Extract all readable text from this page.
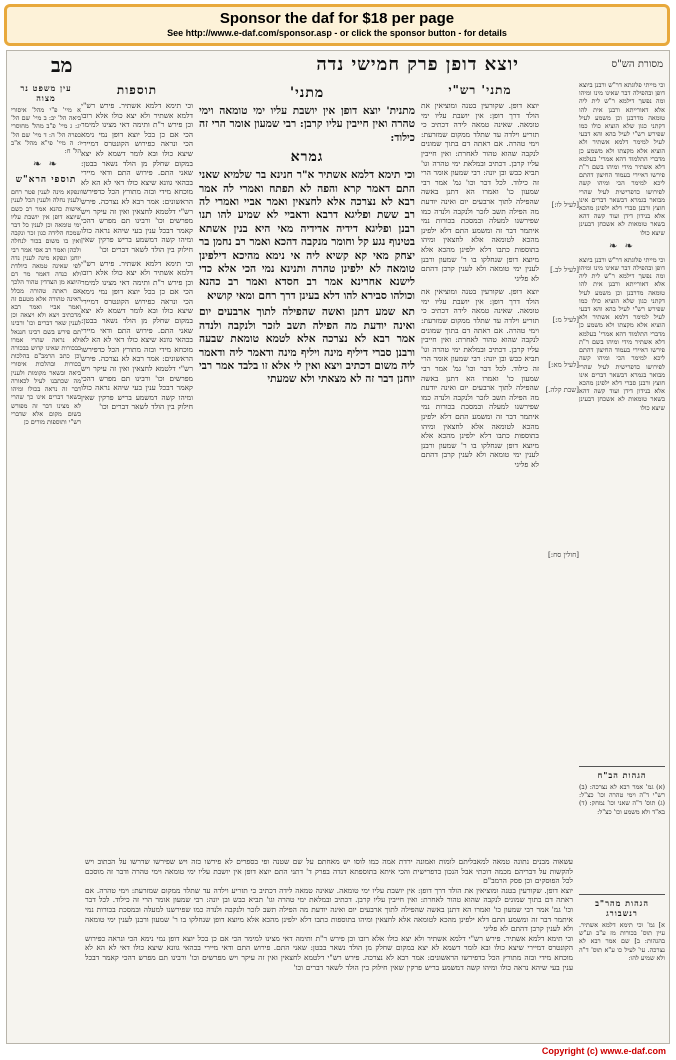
Sponsor the daf for $18 per page
See http://www.e-daf.com/sponsor.asp - or click the sponsor button - for details
מסורת הש"ס
יוצא דופן פרק חמישי נדה
מב
וכי מייתי פלוגתא דר"ש ורבנן ביוצא דופן ובהפילה דבר שאינו מינו ומיהו ומה נפשך דילמא ר"ש לית ליה אלא דאורייתא ורבנן אית להו טומאה מדרבנן וכן משמע לעיל דקתני כגון שלא הוציא כולו כמו שפירש רש"י לעיל בהא והא דבעי לעיל למימר דלמא אשתיר ולא הוציא אלא מקצתו ולא משמע כן מדברי התלמוד דהא אמרי' בעלמא דלא אשתיר מידי ומיהו בשם ר"ת פירשו דאיירי בעמוד החיצון דהתם ליכא למימר הכי ומיהו קשה לפירושו כדפרישית לעיל שהרי מבואר בגמרא דבשאר דברים אינו חוצץ ורבנן סברי דלא ילפינן מהכא אלא בנידון דידן ועוד קשה דהא בשאר טומאות לא אשכחן דבעינן שיצא כולו
❧ ❧
וכי מייתי פלוגתא דר"ש ורבנן ביוצא דופן ובהפילה דבר שאינו מינו ומיהו ומה נפשך דילמא ר"ש לית ליה אלא דאורייתא ורבנן אית להו טומאה מדרבנן וכן משמע לעיל דקתני כגון שלא הוציא כולו כמו שפירש רש"י לעיל בהא והא דבעי לעיל למימר דלמא אשתיר ולא הוציא אלא מקצתו ולא משמע כן מדברי התלמוד דהא אמרי' בעלמא דלא אשתיר מידי ומיהו בשם ר"ת פירשו דאיירי בעמוד החיצון דהתם ליכא למימר הכי ומיהו קשה לפירושו כדפרישית לעיל שהרי מבואר בגמרא דבשאר דברים אינו חוצץ ורבנן סברי דלא ילפינן מהכא אלא בנידון דידן ועוד קשה דהא בשאר טומאות לא אשכחן דבעינן שיצא כולו
[לעיל לו:]
[לעיל לב.]
[לעיל מ:]
[לעיל מא:]
[שבת קלה.]
[חולין סח:]
מתני' רש"י
יוצא דופן. שקורעין בטנה ומוציאין את הולד דרך דופן: אין יושבת עליו ימי טומאה. שאינה טמאה לידה דכתיב כי תזריע וילדה עד שתלד ממקום שמזרעת: וימי טהרה. אם ראתה דם בתוך שמונים לנקבה שהוא טהור לאחרת: ואין חייבין עליו קרבן. דכתיב ובמלאת ימי טהרה וגו' תביא כבש ובן יונה: רבי שמעון אומר הרי זה כילוד. לכל דבר וכו' גמ' אמר רבי שמעון כו' ואמרו הא דתנן באשה שהפילה לתוך ארבעים יום ואינה יודעת מה הפילה תשב לזכר ולנקבה ולנדה כמו שפירשנו למעלה ובמסכת בכורות נמי איתמר דבר זה ומשמע התם דלא ילפינן מהכא לטומאה אלא לחצאין ומיהו בתוספות כתבו דלא ילפינן מהכא אלא מיוצא דופן שנחלקו בו ר' שמעון ורבנן לענין ימי טומאה ולא לענין קרבן דהתם לא פליגי
יוצא דופן. שקורעין בטנה ומוציאין את הולד דרך דופן: אין יושבת עליו ימי טומאה. שאינה טמאה לידה דכתיב כי תזריע וילדה עד שתלד ממקום שמזרעת: וימי טהרה. אם ראתה דם בתוך שמונים לנקבה שהוא טהור לאחרת: ואין חייבין עליו קרבן. דכתיב ובמלאת ימי טהרה וגו' תביא כבש ובן יונה: רבי שמעון אומר הרי זה כילוד. לכל דבר וכו' גמ' אמר רבי שמעון כו' ואמרו הא דתנן באשה שהפילה לתוך ארבעים יום ואינה יודעת מה הפילה תשב לזכר ולנקבה ולנדה כמו שפירשנו למעלה ובמסכת בכורות נמי איתמר דבר זה ומשמע התם דלא ילפינן מהכא לטומאה אלא לחצאין ומיהו בתוספות כתבו דלא ילפינן מהכא אלא מיוצא דופן שנחלקו בו ר' שמעון ורבנן לענין ימי טומאה ולא לענין קרבן דהתם לא פליגי
מתני'
מתנית' יוצא דופן אין יושבת עליו ימי טומאה וימי טהרה ואין חייבין עליו קרבן: רבי שמעון אומר הרי זה כילוד:
גמרא
וכי תימא דלמא אשתיר א"ר חנינא בר שלמיא שאני התם דאמר קרא והפה לא תפתח ואמרי לה אמר רבא לא נצרכה אלא לחצאין ואמר אביי ואמרי לה רב ששת ופליגא דרבא ודאביי לא שמיע להו תנו רבנן ופליגא דידיה אדידיה מאי היא בנין אשתא בטינוף נגע קל וחומר מנקבה דהכא ואמר רב נחמן בר יצחק מאי קא קשיא ליה אי נימא מהיכא דילפינן טומאה לא ילפינן טהרה ותנינא נמי הכי אלא כדי לישנא אחרינא אמר רב חסדא ואמר רב כהנא וכולהו סבירא להו דלא בעינן דרך רחם ומאי קושיא
תא שמע דתנן ואשה שהפילה לתוך ארבעים יום ואינה יודעת מה הפילה תשב לזכר ולנקבה ולנדה אמר רבא לא נצרכה אלא לטמא טומאת שבעה ורבנן סברי דיליף מינה ויליף מינה ודאמר ליה ודאמר ליה משום דכתיב ויצא ואין לי אלא זו בלבד אמר רבי יוחנן דבר זה לא מצאתי ולא שמעתי
תוספות
וכי תימא דלמא אשתיר. פירש רש"י דלמא אשתיר ולא יצא כולו אלא רובו וכן פירש ר"ת ותימה דאי מצינו למימר הכי אם כן בכל יוצא דופן נמי נימא הכי ונראה כפירוש הקונטרס דמיירי שיצא כולו ובא לומר דשמא לא יצא במקום שחלק מן הולד נשאר בבטן: שאני התם. פירוש התם ודאי מיירי בכהאי גוונא שיצא כולו דאי לא הא לא מוכחא מידי ובזה מתורץ הכל כדפירשו הראשונים: אמר רבא לא נצרכה. פירש רש"י דלטמא לחצאין ואין זה עיקר ויש מפרשים וכו' ורבינו תם מפרש דהכי קאמר דבכל ענין בעי שיהא נראה כולו ומיהו קשה דמשמע בריש פרקין שאין חילוק בין הולד לשאר דברים וכו'
וכי תימא דלמא אשתיר. פירש רש"י דלמא אשתיר ולא יצא כולו אלא רובו וכן פירש ר"ת ותימה דאי מצינו למימר הכי אם כן בכל יוצא דופן נמי נימא הכי ונראה כפירוש הקונטרס דמיירי שיצא כולו ובא לומר דשמא לא יצא במקום שחלק מן הולד נשאר בבטן: שאני התם. פירוש התם ודאי מיירי בכהאי גוונא שיצא כולו דאי לא הא לא מוכחא מידי ובזה מתורץ הכל כדפירשו הראשונים: אמר רבא לא נצרכה. פירש רש"י דלטמא לחצאין ואין זה עיקר ויש מפרשים וכו' ורבינו תם מפרש דהכי קאמר דבכל ענין בעי שיהא נראה כולו ומיהו קשה דמשמע בריש פרקין שאין חילוק בין הולד לשאר דברים וכו'
עין משפט נר מצוה
א מיי' פ"י מהל' איסורי ביאה הל' יב: ב מיי' שם הל' יג: ג מיי' פ"ב מהל' מחוסרי כפרה הל' ה: ד מיי' שם הל' ו: ה מיי' פי"א מהל' א"ב הל' ח:
❧ ❧
תוספי הרא"ש
ונפקא מינה לענין פטר רחם ולענין נחלה ולענין הכל לענין אישות כהנא אמר רב כשם שיוצא דופן אין יושבת עליו ימי טומאה וכן לענין כל דבר שמכח הלידה כגון זכר ונקבה ואין בו משום בכור לנחלה ולכהן ואמר רב אסי אמר רבי יוחנן ונפקא מינה לענין נדה לפי שאינה טמאה כיולדת ולא כנדה דאמר מר דם היוצא מן הצדדין טהור הלכך אם ראתה טהורה מכלל דאינה טהורה אלא מטעם זה ואמר אביי ואמר רבא מדכתיב ויצא ולא ויצאה וכן לענין שאר דברים וכו' ורבינו תם פירש בשם רבינו חננאל ולא נראה שהרי אמרו בבכורות שאינו קדוש בבכורה וכן כתב הרמב"ם בהלכות בכורות ובהלכות איסורי ביאה ובשאר מקומות ולענין מה שכתבנו לעיל לכאורה דבר זה נראה בכולו ומיהו בשאר דברים אינו כך שהרי לא מצינו דבר זה מפורש בשום מקום אלא שדברי רש"י ותוספות מורים כן
הגהות הב"ח
(א) גמ' אמר רבא לא נצרכה: (ב) רש"י ד"ה וימי טהרה וכו' כצ"ל: (ג) תוס' ד"ה שאני וכו' נמחק: (ד) בא"ד ולא משמע וכו' כצ"ל:
הגהות מהר"ב רנשבורג
א] גמ' וכי תימא דלמא אשתיר. עיין תוס' בכורות מז ע"ב וע"ש בהגהות: ב] שם אמר רבא לא נצרכה. עי' לעיל כו ע"א תוס' ד"ה ולא שמיע להו:
עשאוה מבנים נתונה טמאה למאבליתם לומות ואמונה ירדת אמה כמו לוסו יש מאחתם על שם שטנה ופי בספרים לא פירשו כזה ויש שפירשו שדרשו על הכתוב ויש להקשות על דבריהם מכמה דוכתי אבל הנכון כדפרישית והכי איתא בתוספתא דנדה בפרק ד' דתני התם יוצא דופן אין יושבת עליו ימי טומאה וימי טהרה ודבר זה מוסכם לכל הפוסקים וכן פסק הרמב"ם
יוצא דופן. שקורעין בטנה ומוציאין את הולד דרך דופן: אין יושבת עליו ימי טומאה. שאינה טמאה לידה דכתיב כי תזריע וילדה עד שתלד ממקום שמזרעת: וימי טהרה. אם ראתה דם בתוך שמונים לנקבה שהוא טהור לאחרת: ואין חייבין עליו קרבן. דכתיב ובמלאת ימי טהרה וגו' תביא כבש ובן יונה: רבי שמעון אומר הרי זה כילוד. לכל דבר וכו' גמ' אמר רבי שמעון כו' ואמרו הא דתנן באשה שהפילה לתוך ארבעים יום ואינה יודעת מה הפילה תשב לזכר ולנקבה ולנדה כמו שפירשנו למעלה ובמסכת בכורות נמי איתמר דבר זה ומשמע התם דלא ילפינן מהכא לטומאה אלא לחצאין ומיהו בתוספות כתבו דלא ילפינן מהכא אלא מיוצא דופן שנחלקו בו ר' שמעון ורבנן לענין ימי טומאה ולא לענין קרבן דהתם לא פליגי
וכי תימא דלמא אשתיר. פירש רש"י דלמא אשתיר ולא יצא כולו אלא רובו וכן פירש ר"ת ותימה דאי מצינו למימר הכי אם כן בכל יוצא דופן נמי נימא הכי ונראה כפירוש הקונטרס דמיירי שיצא כולו ובא לומר דשמא לא יצא במקום שחלק מן הולד נשאר בבטן: שאני התם. פירוש התם ודאי מיירי בכהאי גוונא שיצא כולו דאי לא הא לא מוכחא מידי ובזה מתורץ הכל כדפירשו הראשונים: אמר רבא לא נצרכה. פירש רש"י דלטמא לחצאין ואין זה עיקר ויש מפרשים וכו' ורבינו תם מפרש דהכי קאמר דבכל ענין בעי שיהא נראה כולו ומיהו קשה דמשמע בריש פרקין שאין חילוק בין הולד לשאר דברים וכו'
Copyright (c) www.e-daf.com
